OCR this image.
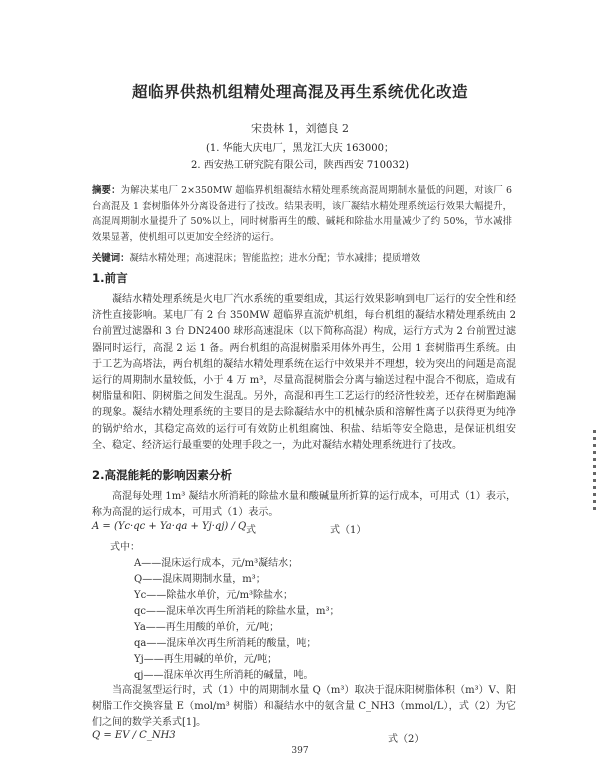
超临界供热机组精处理高混及再生系统优化改造
宋贵林 1，刘德良 2
(1. 华能大庆电厂，黑龙江大庆 163000；
2. 西安热工研究院有限公司，陕西西安 710032)
摘要：为解决某电厂 2×350MW 超临界机组凝结水精处理系统高混周期制水量低的问题，对该厂 6 台高混及 1 套树脂体外分离设备进行了技改。结果表明，该厂凝结水精处理系统运行效果大幅提升，高混周期制水量提升了 50%以上，同时树脂再生的酸、碱耗和除盐水用量减少了约 50%，节水减排效果显著，使机组可以更加安全经济的运行。
关键词：凝结水精处理；高速混床；智能监控；进水分配；节水减排；提质增效
1.前言
凝结水精处理系统是火电厂汽水系统的重要组成，其运行效果影响到电厂运行的安全性和经济性直接影响。某电厂有 2 台 350MW 超临界直流炉机组，每台机组的凝结水精处理系统由 2 台前置过滤器和 3 台 DN2400 球形高速混床（以下简称高混）构成，运行方式为 2 台前置过滤器同时运行，高混 2 运 1 备。两台机组的高混树脂采用体外再生，公用 1 套树脂再生系统。由于工艺为高塔法，两台机组的凝结水精处理系统在运行中效果并不理想，较为突出的问题是高混运行的周期制水量较低，小于 4 万 m³，尽量高混树脂会分离与输送过程中混合不彻底，造成有树脂量和阳、阴树脂之间发生混乱。另外，高混和再生工艺运行的经济性较差，还存在树脂跑漏的现象。凝结水精处理系统的主要目的是去除凝结水中的机械杂质和溶解性离子以获得更为纯净的锅炉给水，其稳定高效的运行可有效防止机组腐蚀、积盐、结垢等安全隐患，是保证机组安全、稳定、经济运行最重要的处理手段之一，为此对凝结水精处理系统进行了技改。
2.高混能耗的影响因素分析
高混每处理 1m³ 凝结水所消耗的除盐水量和酸碱量所折算的运行成本，可用式（1）表示，称为高混的运行成本，可用式（1）表示。
A = (Yc·qc + Ya·qa + Yj·qj) / Q 式	式（1）
式中：
A——混床运行成本，元/m³凝结水；
Q——混床周期制水量，m³；
Yc——除盐水单价，元/m³除盐水；
qc——混床单次再生所消耗的除盐水量，m³；
Ya——再生用酸的单价，元/吨；
qa——混床单次再生所消耗的酸量，吨；
Yj——再生用碱的单价，元/吨；
qj——混床单次再生所消耗的碱量，吨。
当高混氢型运行时，式（1）中的周期制水量 Q（m³）取决于混床阳树脂体积（m³）V、阳树脂工作交换容量 E（mol/m³ 树脂）和凝结水中的氨含量 C_NH3（mmol/L），式（2）为它们之间的数学关系式[1]。
Q = EV / C_NH3	式（2）
397
